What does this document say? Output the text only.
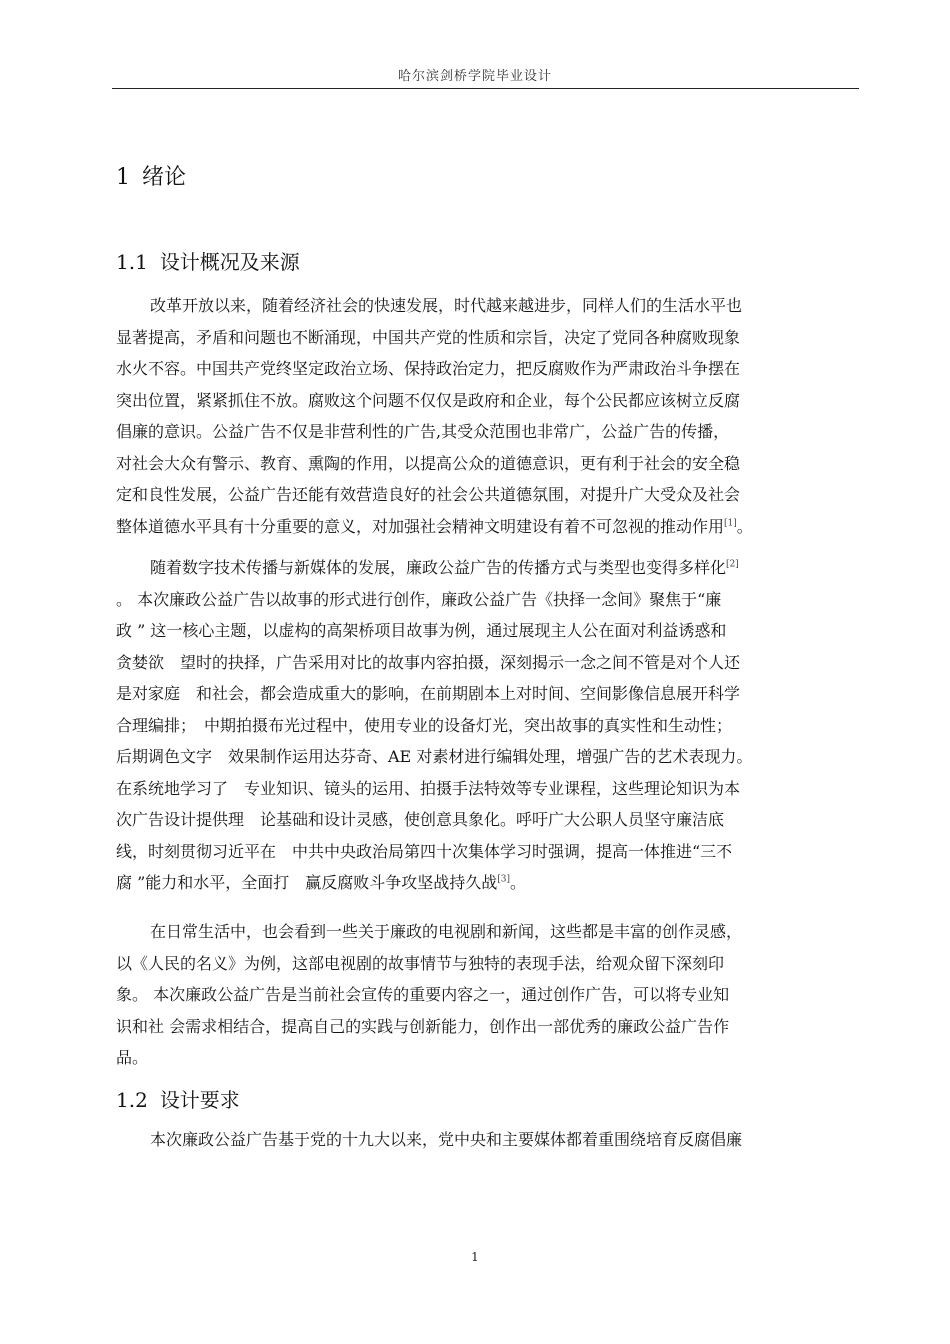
哈尔滨剑桥学院毕业设计
1 绪论
1.1 设计概况及来源
改革开放以来，随着经济社会的快速发展，时代越来越进步，同样人们的生活水平也
显著提高，矛盾和问题也不断涌现，中国共产党的性质和宗旨，决定了党同各种腐败现象
水火不容。中国共产党终坚定政治立场、保持政治定力，把反腐败作为严肃政治斗争摆在
突出位置，紧紧抓住不放。腐败这个问题不仅仅是政府和企业，每个公民都应该树立反腐
倡廉的意识。公益广告不仅是非营利性的广告,其受众范围也非常广，公益广告的传播，
对社会大众有警示、教育、熏陶的作用，以提高公众的道德意识，更有利于社会的安全稳
定和良性发展，公益广告还能有效营造良好的社会公共道德氛围，对提升广大受众及社会
整体道德水平具有十分重要的意义，对加强社会精神文明建设有着不可忽视的推动作用[1]。
随着数字技术传播与新媒体的发展，廉政公益广告的传播方式与类型也变得多样化[2]
。 本次廉政公益广告以故事的形式进行创作，廉政公益广告《抉择一念间》聚焦于“廉
政 ” 这一核心主题，以虚构的高架桥项目故事为例，通过展现主人公在面对利益诱惑和
贪婪欲　望时的抉择，广告采用对比的故事内容拍摄，深刻揭示一念之间不管是对个人还
是对家庭　和社会，都会造成重大的影响，在前期剧本上对时间、空间影像信息展开科学
合理编排；　中期拍摄布光过程中，使用专业的设备灯光，突出故事的真实性和生动性；
后期调色文字　效果制作运用达芬奇、AE 对素材进行编辑处理，增强广告的艺术表现力。
在系统地学习了　专业知识、镜头的运用、拍摄手法特效等专业课程，这些理论知识为本
次广告设计提供理　论基础和设计灵感，使创意具象化。呼吁广大公职人员坚守廉洁底
线，时刻贯彻习近平在　中共中央政治局第四十次集体学习时强调，提高一体推进“三不
腐 ”能力和水平，全面打　赢反腐败斗争攻坚战持久战[3]。
在日常生活中，也会看到一些关于廉政的电视剧和新闻，这些都是丰富的创作灵感，
以《人民的名义》为例，这部电视剧的故事情节与独特的表现手法，给观众留下深刻印
象。 本次廉政公益广告是当前社会宣传的重要内容之一，通过创作广告，可以将专业知
识和社 会需求相结合，提高自己的实践与创新能力，创作出一部优秀的廉政公益广告作
品。
1.2 设计要求
本次廉政公益广告基于党的十九大以来，党中央和主要媒体都着重围绕培育反腐倡廉
1
